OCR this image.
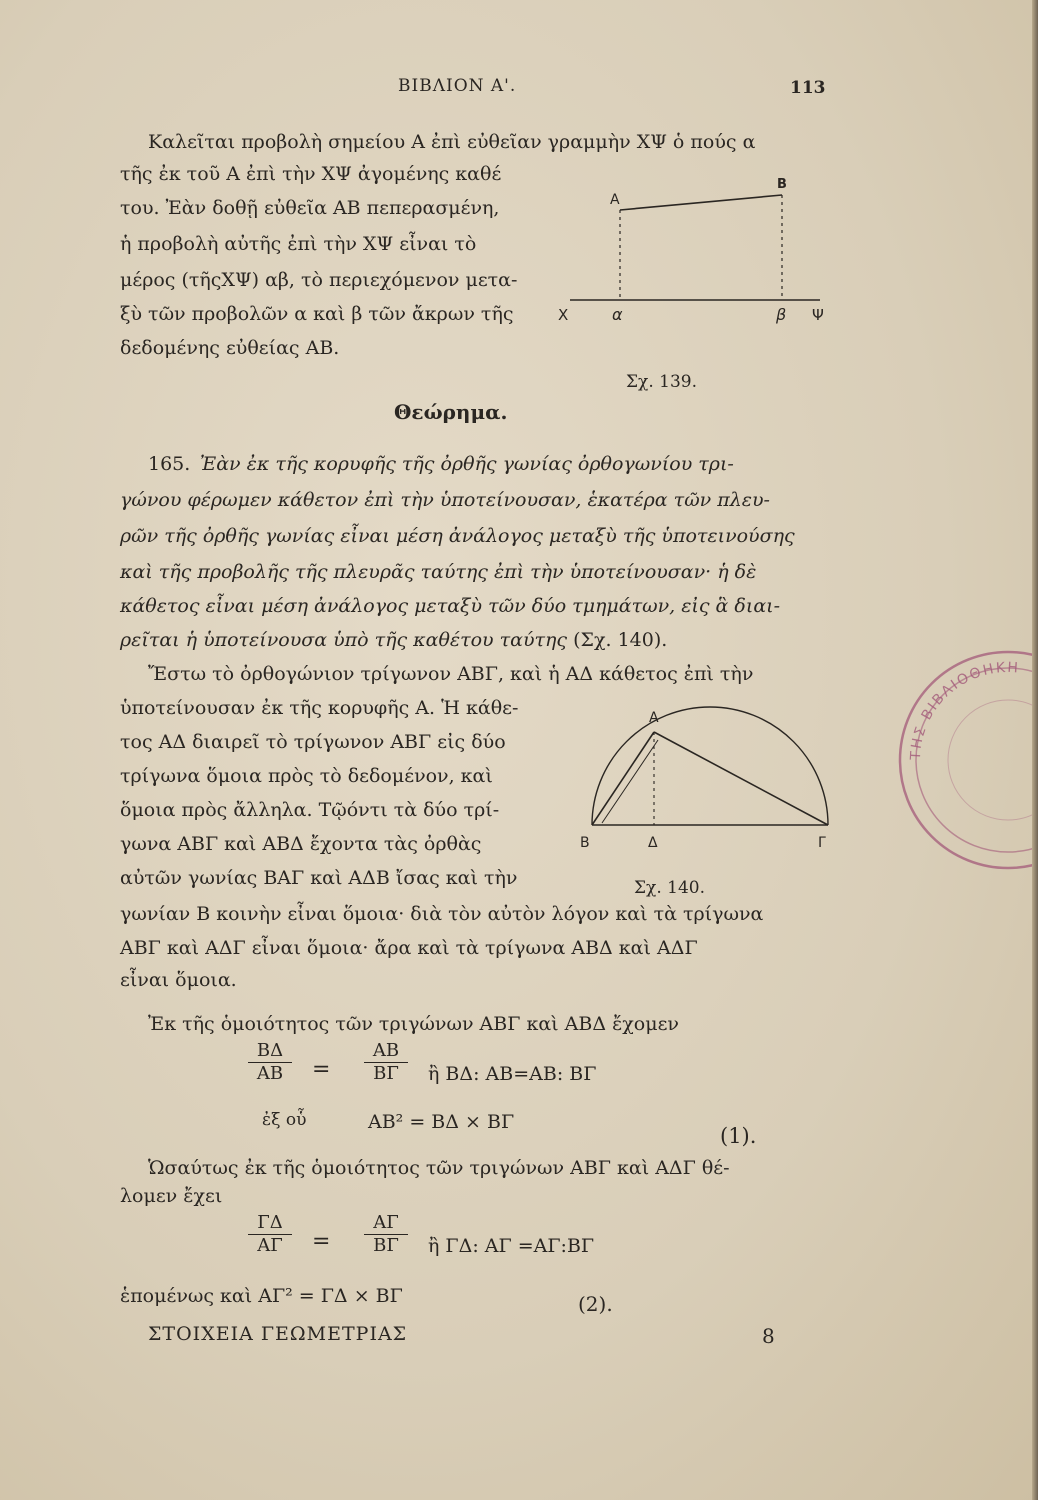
ΒΙΒΛΙΟΝ Α'.	113
Καλεῖται προβολὴ σημείου Α ἐπὶ εὐθεῖαν γραμμὴν ΧΨ ὁ πούς α
τῆς ἐκ τοῦ Α ἐπὶ τὴν ΧΨ ἀγομένης καθέ
του. Ἐὰν δοθῇ εὐθεῖα ΑΒ πεπερασμένη,
ἡ προβολὴ αὐτῆς ἐπὶ τὴν ΧΨ εἶναι τὸ
μέρος (τῆςΧΨ) αβ, τὸ περιεχόμενον μετα-
ξὺ τῶν προβολῶν α καὶ β τῶν ἄκρων τῆς
δεδομένης εὐθείας ΑΒ.
Α
Β
Χ	α	β Ψ
Σχ. 139.
Θεώρημα.
165. Ἐὰν ἐκ τῆς κορυφῆς τῆς ὀρθῆς γωνίας ὀρθογωνίου τρι-
γώνου φέρωμεν κάθετον ἐπὶ τὴν ὑποτείνουσαν, ἑκατέρα τῶν πλευ-
ρῶν τῆς ὀρθῆς γωνίας εἶναι μέση ἀνάλογος μεταξὺ τῆς ὑποτεινούσης
καὶ τῆς προβολῆς τῆς πλευρᾶς ταύτης ἐπὶ τὴν ὑποτείνουσαν· ἡ δὲ
κάθετος εἶναι μέση ἀνάλογος μεταξὺ τῶν δύο τμημάτων, εἰς ἃ διαι-
ρεῖται ἡ ὑποτείνουσα ὑπὸ τῆς καθέτου ταύτης (Σχ. 140).
Ἔστω τὸ ὀρθογώνιον τρίγωνον ΑΒΓ, καὶ ἡ ΑΔ κάθετος ἐπὶ τὴν
ὑποτείνουσαν ἐκ τῆς κορυφῆς Α. Ἡ κάθε-
τος ΑΔ διαιρεῖ τὸ τρίγωνον ΑΒΓ εἰς δύο
τρίγωνα ὅμοια πρὸς τὸ δεδομένον, καὶ
ὅμοια πρὸς ἄλληλα. Τῷόντι τὰ δύο τρί-
γωνα ΑΒΓ καὶ ΑΒΔ ἔχοντα τὰς ὀρθὰς
αὐτῶν γωνίας ΒΑΓ καὶ ΑΔΒ ἴσας καὶ τὴν
γωνίαν Β κοινὴν εἶναι ὅμοια· διὰ τὸν αὐτὸν λόγον καὶ τὰ τρίγωνα
ΑΒΓ καὶ ΑΔΓ εἶναι ὅμοια· ἄρα καὶ τὰ τρίγωνα ΑΒΔ καὶ ΑΔΓ
εἶναι ὅμοια.
Ἐκ τῆς ὁμοιότητος τῶν τριγώνων ΑΒΓ καὶ ΑΒΔ ἔχομεν
Α
Β	Δ	Γ
Σχ. 140.
$\frac{B\Delta}{AB} = \frac{AB}{B\Gamma}$ ἢ ΒΔ: ΑΒ=ΑΒ: ΒΓ
ἐξ οὗ	ΑΒ² = ΒΔ × ΒΓ
(1).
Ὡσαύτως ἐκ τῆς ὁμοιότητος τῶν τριγώνων ΑΒΓ καὶ ΑΔΓ θέ-
λομεν ἔχει
$\frac{\Gamma\Delta}{A\Gamma} = \frac{A\Gamma}{B\Gamma}$ ἢ ΓΔ: ΑΓ =ΑΓ:ΒΓ
ἑπομένως καὶ ΑΓ² = ΓΔ × ΒΓ	(2).
ΣΤΟΙΧΕΙΑ ΓΕΩΜΕΤΡΙΑΣ	8
ΤΗΣ ΒΙΒΛΙΟΘΗΚΗ
